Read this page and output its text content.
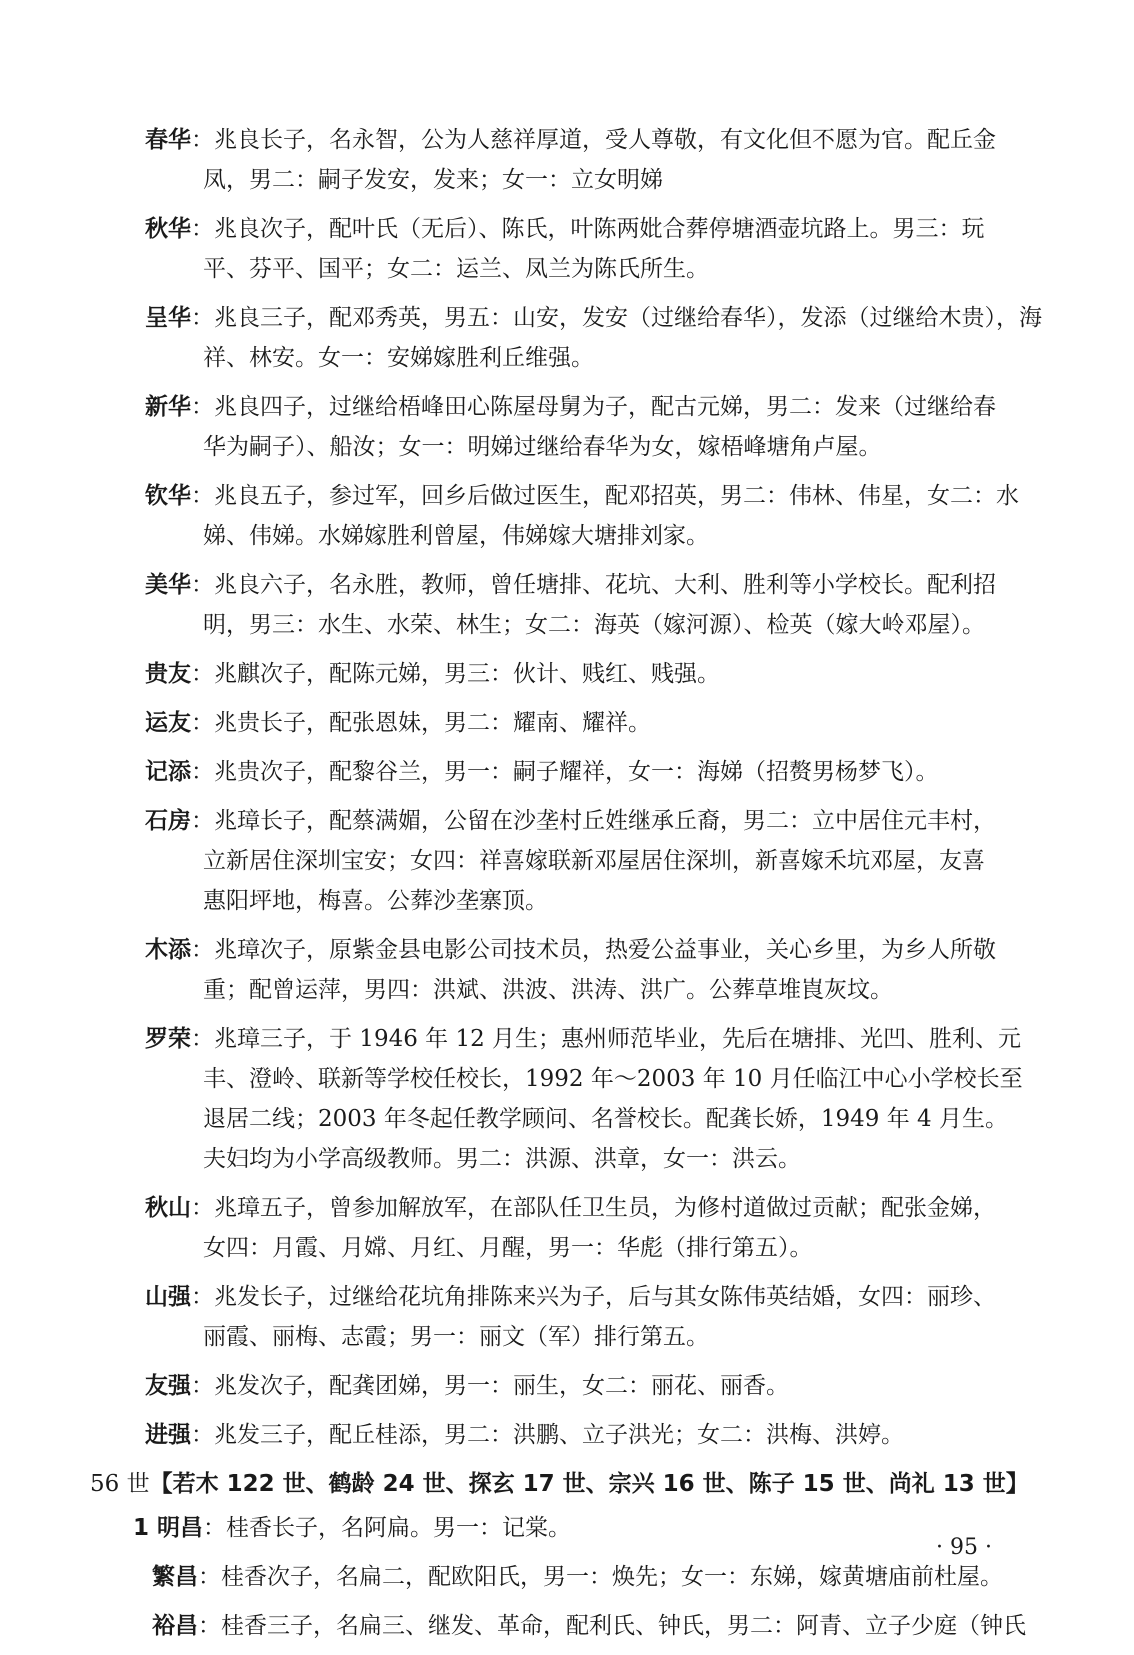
春华：兆良长子，名永智，公为人慈祥厚道，受人尊敬，有文化但不愿为官。配丘金
凤，男二：嗣子发安，发来；女一：立女明娣
秋华：兆良次子，配叶氏（无后）、陈氏，叶陈两妣合葬停塘酒壶坑路上。男三：玩
平、芬平、国平；女二：运兰、凤兰为陈氏所生。
呈华：兆良三子，配邓秀英，男五：山安，发安（过继给春华），发添（过继给木贵），海
祥、林安。女一：安娣嫁胜利丘维强。
新华：兆良四子，过继给梧峰田心陈屋母舅为子，配古元娣，男二：发来（过继给春
华为嗣子）、船汝；女一：明娣过继给春华为女，嫁梧峰塘角卢屋。
钦华：兆良五子，参过军，回乡后做过医生，配邓招英，男二：伟林、伟星，女二：水
娣、伟娣。水娣嫁胜利曾屋，伟娣嫁大塘排刘家。
美华：兆良六子，名永胜，教师，曾任塘排、花坑、大利、胜利等小学校长。配利招
明，男三：水生、水荣、林生；女二：海英（嫁河源）、检英（嫁大岭邓屋）。
贵友：兆麒次子，配陈元娣，男三：伙计、贱红、贱强。
运友：兆贵长子，配张恩妹，男二：耀南、耀祥。
记添：兆贵次子，配黎谷兰，男一：嗣子耀祥，女一：海娣（招赘男杨梦飞）。
石房：兆璋长子，配蔡满媚，公留在沙垄村丘姓继承丘裔，男二：立中居住元丰村，
立新居住深圳宝安；女四：祥喜嫁联新邓屋居住深圳，新喜嫁禾坑邓屋，友喜
惠阳坪地，梅喜。公葬沙垄寨顶。
木添：兆璋次子，原紫金县电影公司技术员，热爱公益事业，关心乡里，为乡人所敬
重；配曾运萍，男四：洪斌、洪波、洪涛、洪广。公葬草堆崀灰坟。
罗荣：兆璋三子，于 1946 年 12 月生；惠州师范毕业，先后在塘排、光凹、胜利、元
丰、澄岭、联新等学校任校长，1992 年～2003 年 10 月任临江中心小学校长至
退居二线；2003 年冬起任教学顾问、名誉校长。配龚长娇，1949 年 4 月生。
夫妇均为小学高级教师。男二：洪源、洪章，女一：洪云。
秋山：兆璋五子，曾参加解放军，在部队任卫生员，为修村道做过贡献；配张金娣，
女四：月霞、月嫦、月红、月醒，男一：华彪（排行第五）。
山强：兆发长子，过继给花坑角排陈来兴为子，后与其女陈伟英结婚，女四：丽珍、
丽霞、丽梅、志霞；男一：丽文（军）排行第五。
友强：兆发次子，配龚团娣，男一：丽生，女二：丽花、丽香。
进强：兆发三子，配丘桂添，男二：洪鹏、立子洪光；女二：洪梅、洪婷。
56 世【若木 122 世、鹤龄 24 世、探玄 17 世、宗兴 16 世、陈子 15 世、尚礼 13 世】
1 明昌：桂香长子，名阿扁。男一：记棠。
繁昌：桂香次子，名扁二，配欧阳氏，男一：焕先；女一：东娣，嫁黄塘庙前杜屋。
裕昌：桂香三子，名扁三、继发、革命，配利氏、钟氏，男二：阿青、立子少庭（钟氏
· 95 ·
